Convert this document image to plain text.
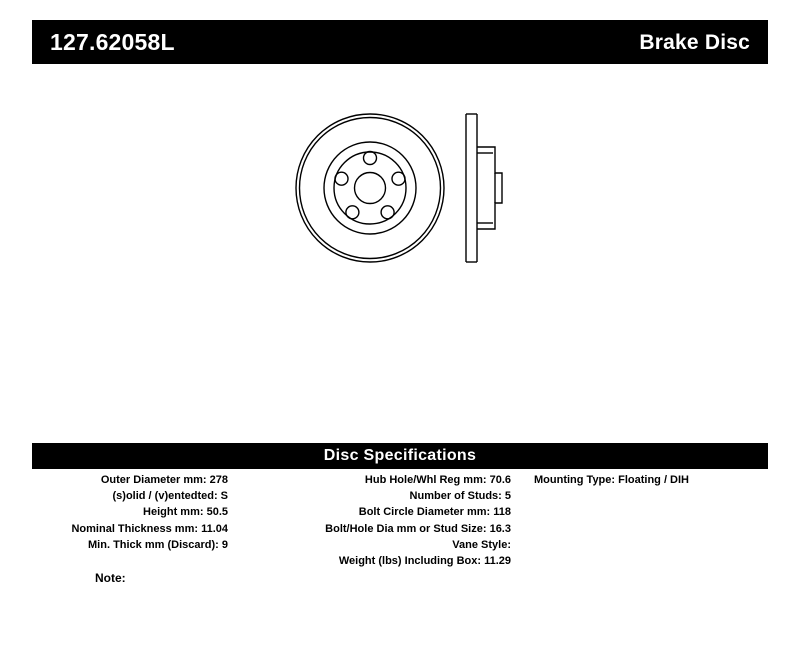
127.62058L	Brake Disc
Disc Specifications
Outer Diameter mm: 278
(s)olid / (v)entedted: S
Height mm: 50.5
Nominal Thickness mm: 11.04
Min. Thick mm (Discard): 9
Hub Hole/Whl Reg mm: 70.6
Number of Studs: 5
Bolt Circle Diameter mm: 118
Bolt/Hole Dia mm or Stud Size: 16.3
Vane Style:
Weight (lbs) Including Box: 11.29
Mounting Type: Floating / DIH
Note:
